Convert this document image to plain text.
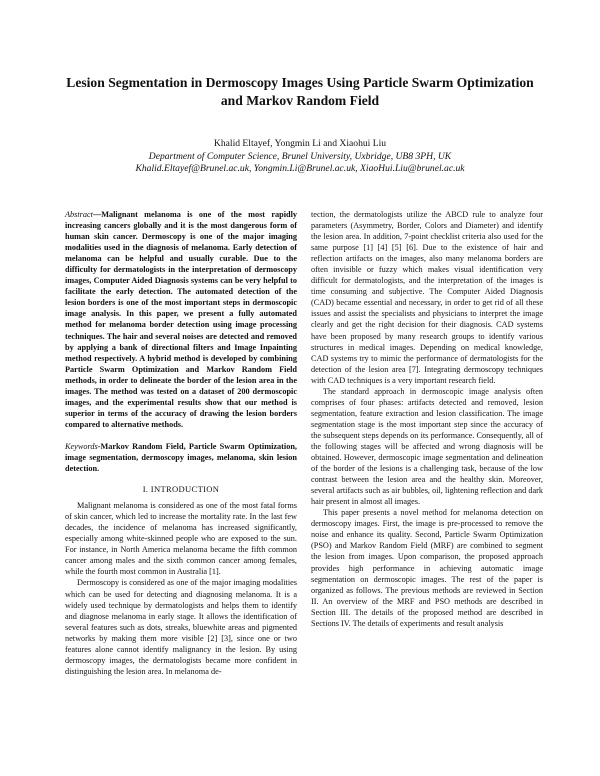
Lesion Segmentation in Dermoscopy Images Using Particle Swarm Optimization and Markov Random Field
Khalid Eltayef, Yongmin Li and Xiaohui Liu
Department of Computer Science, Brunel University, Uxbridge, UB8 3PH, UK
Khalid.Eltayef@Brunel.ac.uk, Yongmin.Li@Brunel.ac.uk, XiaoHui.Liu@brunel.ac.uk

Abstract—Malignant melanoma is one of the most rapidly increasing cancers globally and it is the most dangerous form of human skin cancer. Dermoscopy is one of the major imaging modalities used in the diagnosis of melanoma. Early detection of melanoma can be helpful and usually curable. Due to the difficulty for dermatologists in the interpretation of dermoscopy images, Computer Aided Diagnosis systems can be very helpful to facilitate the early detection. The automated detection of the lesion borders is one of the most important steps in dermoscopic image analysis. In this paper, we present a fully automated method for melanoma border detection using image processing techniques. The hair and several noises are detected and removed by applying a bank of directional filters and Image Inpainting method respectively. A hybrid method is developed by combining Particle Swarm Optimization and Markov Random Field methods, in order to delineate the border of the lesion area in the images. The method was tested on a dataset of 200 dermoscopic images, and the experimental results show that our method is superior in terms of the accuracy of drawing the lesion borders compared to alternative methods.

Keywords-Markov Random Field, Particle Swarm Optimization, image segmentation, dermoscopy images, melanoma, skin lesion detection.

I. INTRODUCTION

Malignant melanoma is considered as one of the most fatal forms of skin cancer, which led to increase the mortality rate. In the last few decades, the incidence of melanoma has increased significantly, especially among white-skinned people who are exposed to the sun. For instance, in North America melanoma became the fifth common cancer among males and the sixth common cancer among females, while the fourth most common in Australia [1].

Dermoscopy is considered as one of the major imaging modalities which can be used for detecting and diagnosing melanoma. It is a widely used technique by dermatologists and helps them to identify and diagnose melanoma in early stage. It allows the identification of several features such as dots, streaks, bluewhite areas and pigmented networks by making them more visible [2] [3], since one or two features alone cannot identify malignancy in the lesion. By using dermoscopy images, the dermatologists became more confident in distinguishing the lesion area. In melanoma de-

tection, the dermatologists utilize the ABCD rule to analyze four parameters (Asymmetry, Border, Colors and Diameter) and identify the lesion area. In addition, 7-point checklist criteria also used for the same purpose [1] [4] [5] [6]. Due to the existence of hair and reflection artifacts on the images, also many melanoma borders are often invisible or fuzzy which makes visual identification very difficult for dermatologists, and the interpretation of the images is time consuming and subjective. The Computer Aided Diagnosis (CAD) became essential and necessary, in order to get rid of all these issues and assist the specialists and physicians to interpret the image clearly and get the right decision for their diagnosis. CAD systems have been proposed by many research groups to identify various structures in medical images. Depending on medical knowledge, CAD systems try to mimic the performance of dermatologists for the detection of the lesion area [7]. Integrating dermoscopy techniques with CAD techniques is a very important research field.

The standard approach in dermoscopic image analysis often comprises of four phases: artifacts detected and removed, lesion segmentation, feature extraction and lesion classification. The image segmentation stage is the most important step since the accuracy of the subsequent steps depends on its performance. Consequently, all of the following stages will be affected and wrong diagnosis will be obtained. However, dermoscopic image segmentation and delineation of the border of the lesions is a challenging task, because of the low contrast between the lesion area and the healthy skin. Moreover, several artifacts such as air bubbles, oil, lightening reflection and dark hair present in almost all images.

This paper presents a novel method for melanoma detection on dermoscopy images. First, the image is pre-processed to remove the noise and enhance its quality. Second, Particle Swarm Optimization (PSO) and Markov Random Field (MRF) are combined to segment the lesion from images. Upon comparison, the proposed approach provides high performance in achieving automatic image segmentation on dermoscopic images. The rest of the paper is organized as follows. The previous methods are reviewed in Section II. An overview of the MRF and PSO methods are described in Section III. The details of the proposed method are described in Sections IV. The details of experiments and result analysis
